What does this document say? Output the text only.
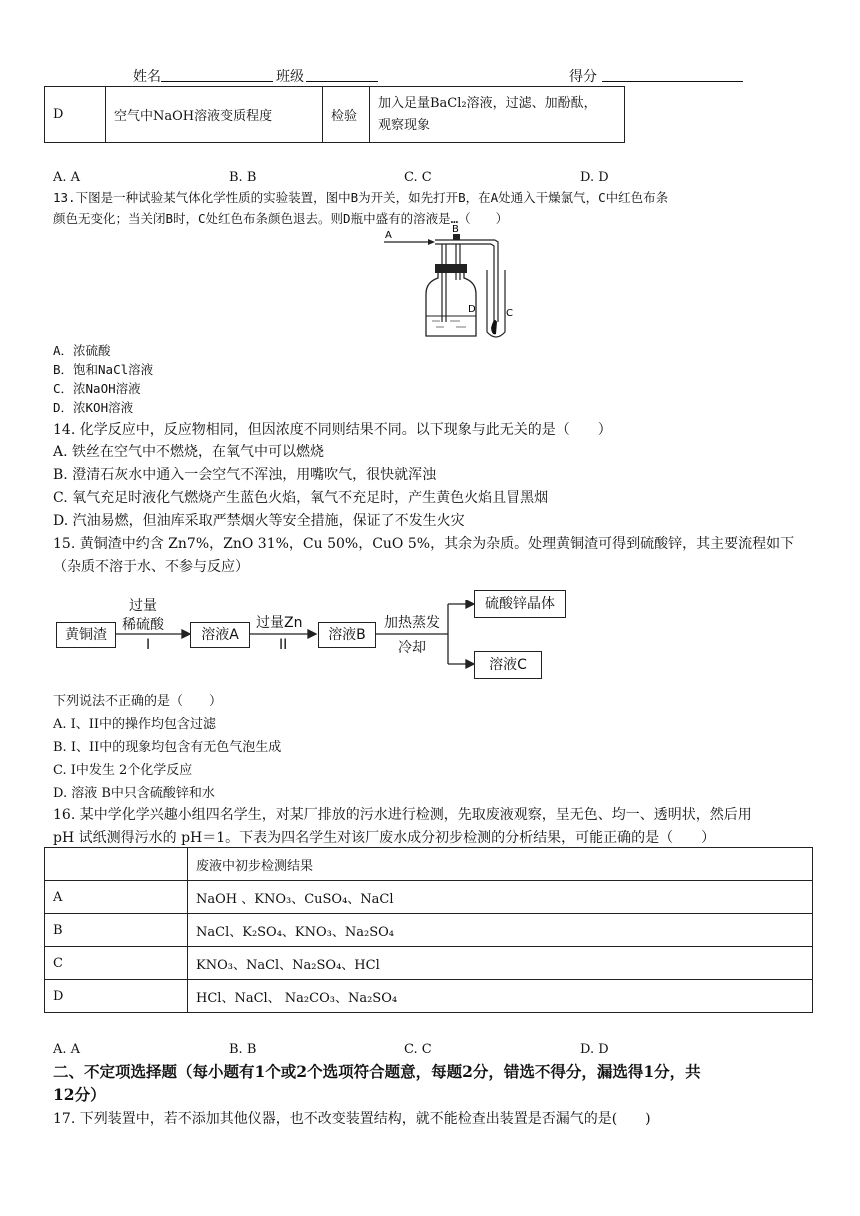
姓名	班级	得分
D	空气中NaOH溶液变质程度	检验	加入足量BaCl₂溶液，过滤、加酚酞，
观察现象
A. A	B. B	C. C	D. D
13.下图是一种试验某气体化学性质的实验装置，图中B为开关，如先打开B，在A处通入干燥氯气，C中红色布条
颜色无变化；当关闭B时，C处红色布条颜色退去。则D瓶中盛有的溶液是…（　　）
A
B
C
D
A．浓硫酸
B．饱和NaCl溶液
C．浓NaOH溶液
D．浓KOH溶液
14. 化学反应中，反应物相同，但因浓度不同则结果不同。以下现象与此无关的是（　　）
A. 铁丝在空气中不燃烧，在氧气中可以燃烧
B. 澄清石灰水中通入一会空气不浑浊，用嘴吹气，很快就浑浊
C. 氧气充足时液化气燃烧产生蓝色火焰，氧气不充足时，产生黄色火焰且冒黑烟
D. 汽油易燃，但油库采取严禁烟火等安全措施，保证了不发生火灾
15. 黄铜渣中约含 Zn7%，ZnO 31%，Cu 50%，CuO 5%，其余为杂质。处理黄铜渣可得到硫酸锌，其主要流程如下
（杂质不溶于水、不参与反应）
黄铜渣
过量
稀硫酸
I
溶液A
过量Zn
II
溶液B
加热蒸发
冷却
硫酸锌晶体
溶液C
下列说法不正确的是（　　）
A. I、II中的操作均包含过滤
B. I、II中的现象均包含有无色气泡生成
C. I中发生 2个化学反应
D. 溶液 B中只含硫酸锌和水
16. 某中学化学兴趣小组四名学生，对某厂排放的污水进行检测，先取废液观察，呈无色、均一、透明状，然后用
pH 试纸测得污水的 pH＝1。下表为四名学生对该厂废水成分初步检测的分析结果，可能正确的是（　　）
	废液中初步检测结果
A	NaOH 、KNO₃、CuSO₄、NaCl
B	NaCl、K₂SO₄、KNO₃、Na₂SO₄
C	KNO₃、NaCl、Na₂SO₄、HCl
D	HCl、NaCl、 Na₂CO₃、Na₂SO₄
A. A	B. B	C. C	D. D
二、不定项选择题（每小题有1个或2个选项符合题意，每题2分，错选不得分，漏选得1分，共
12分）
17. 下列装置中，若不添加其他仪器，也不改变装置结构，就不能检查出装置是否漏气的是(　　)
